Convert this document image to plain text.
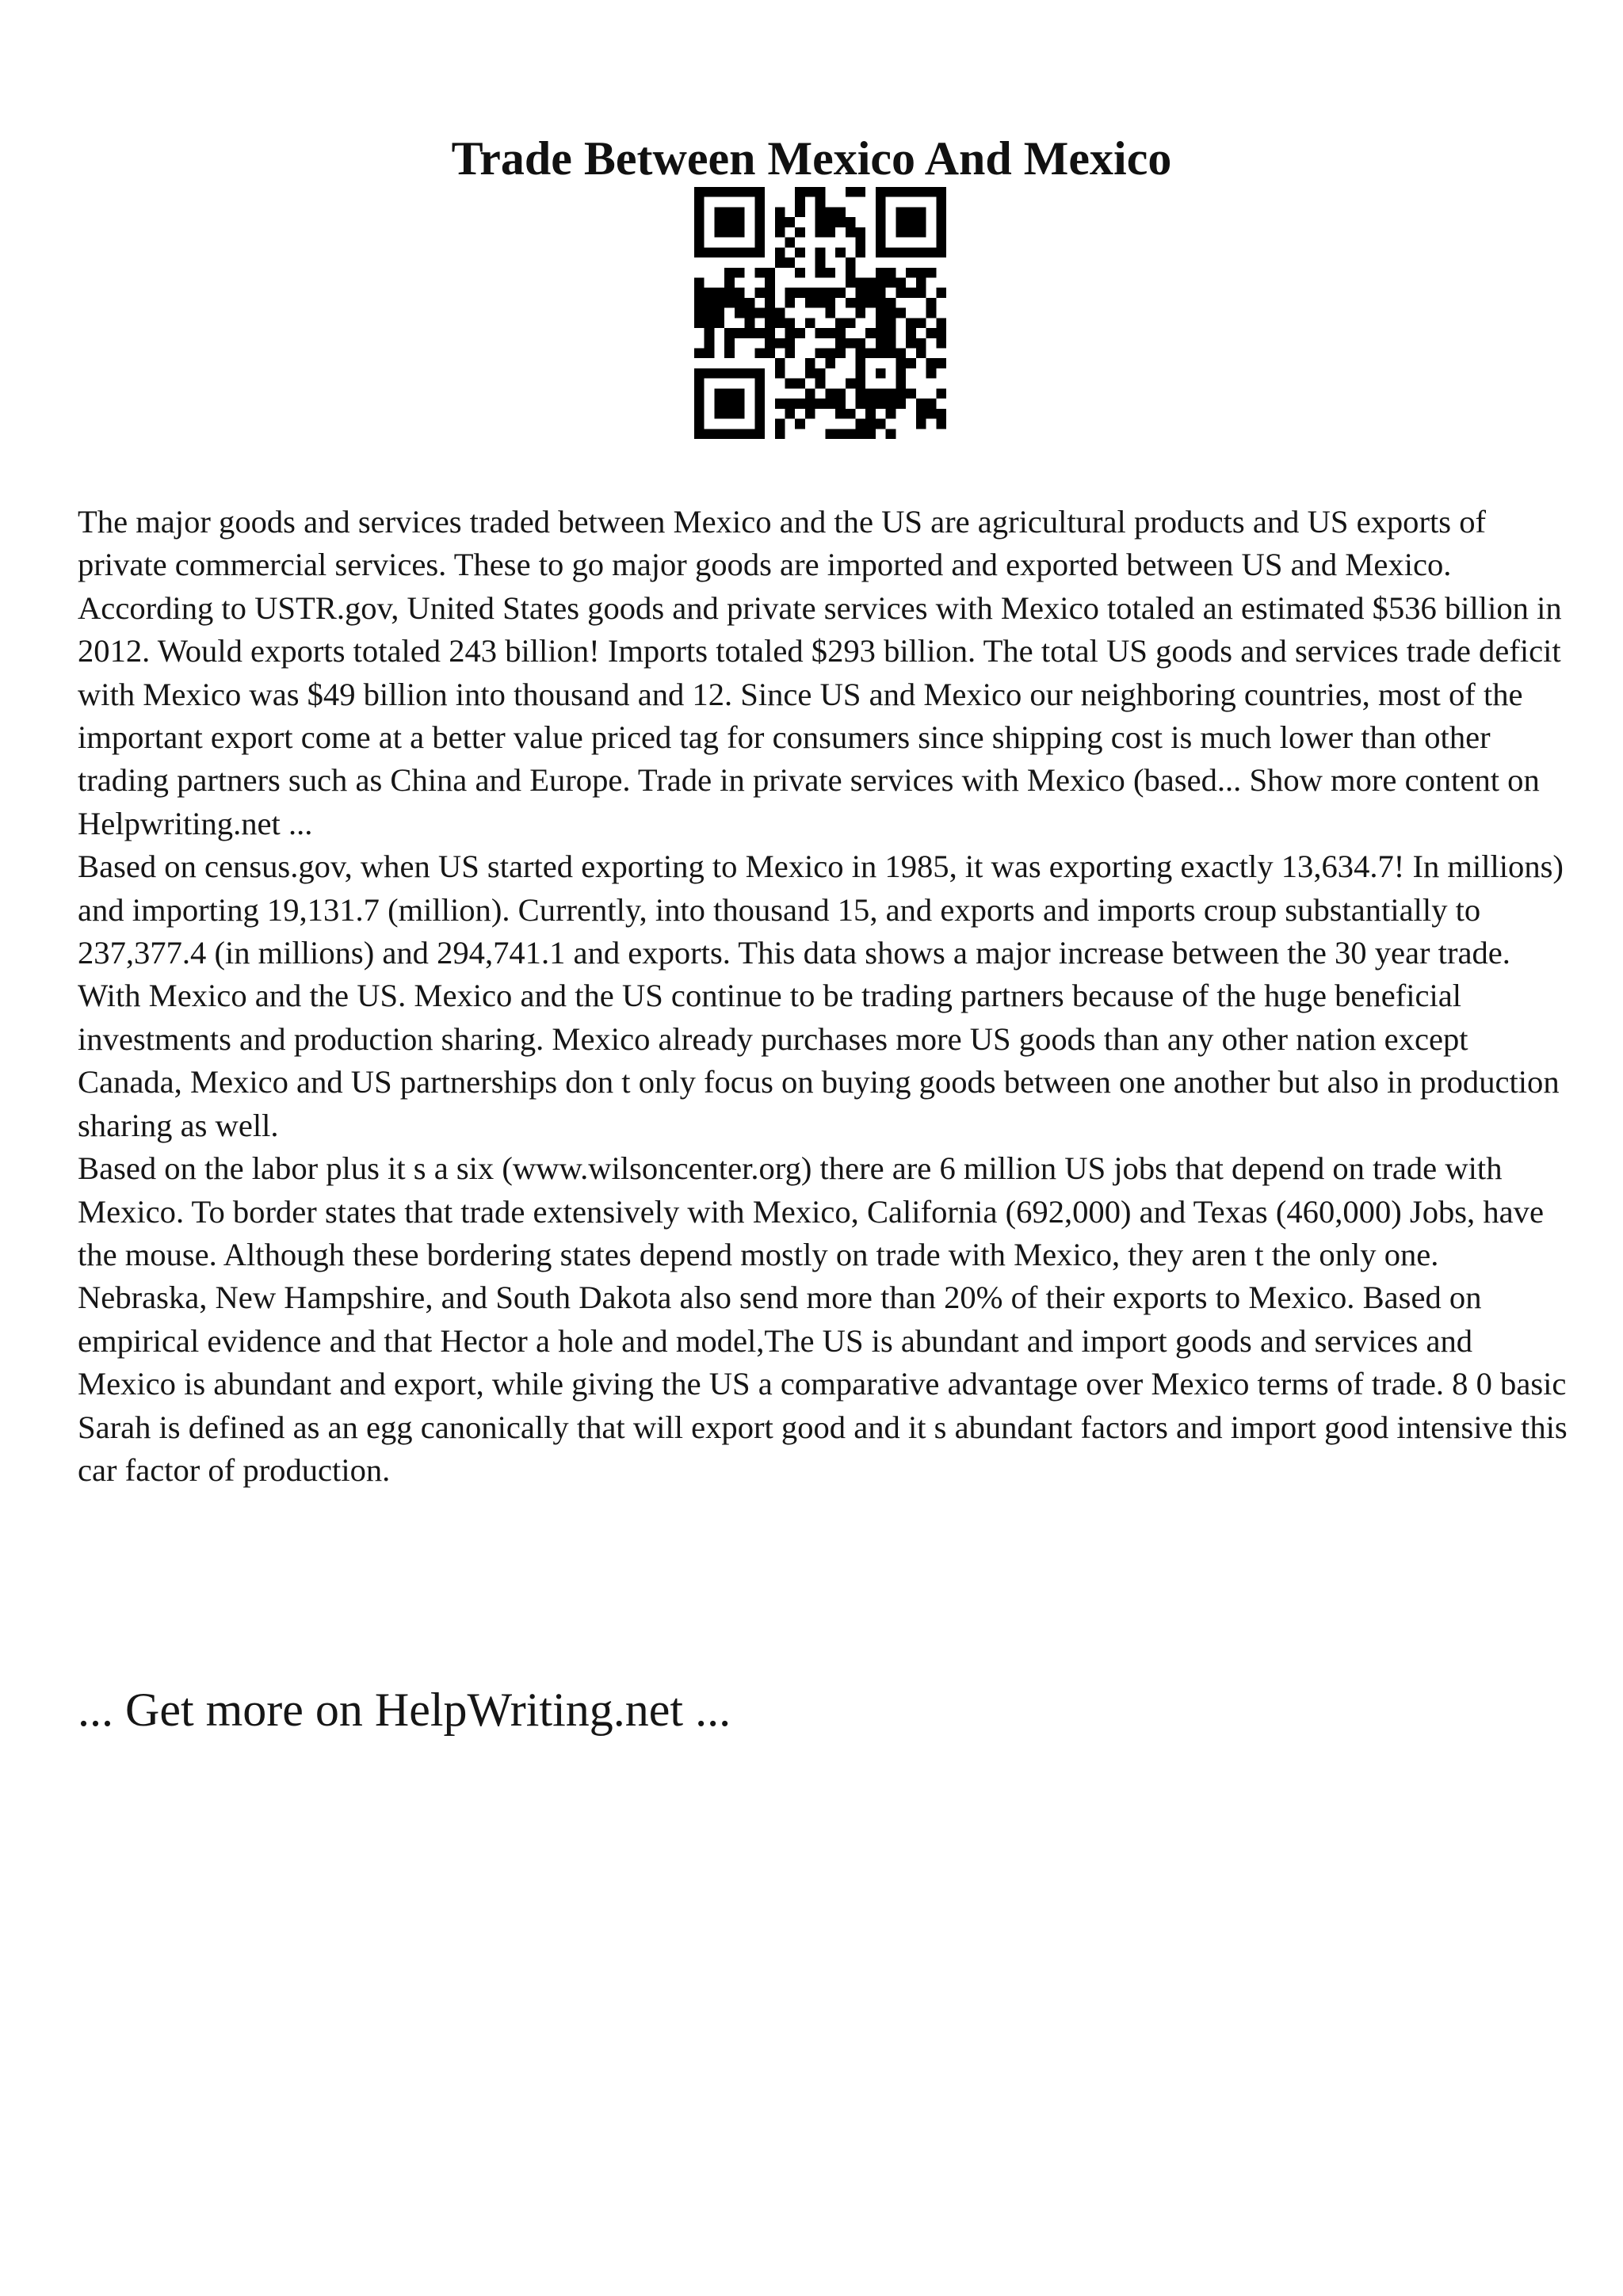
Trade Between Mexico And Mexico

The major goods and services traded between Mexico and the US are agricultural products and US exports of private commercial services. These to go major goods are imported and exported between US and Mexico. According to USTR.gov, United States goods and private services with Mexico totaled an estimated $536 billion in 2012. Would exports totaled 243 billion! Imports totaled $293 billion. The total US goods and services trade deficit with Mexico was $49 billion into thousand and 12. Since US and Mexico our neighboring countries, most of the important export come at a better value priced tag for consumers since shipping cost is much lower than other trading partners such as China and Europe. Trade in private services with Mexico (based... Show more content on Helpwriting.net ...

Based on census.gov, when US started exporting to Mexico in 1985, it was exporting exactly 13,634.7! In millions) and importing 19,131.7 (million). Currently, into thousand 15, and exports and imports croup substantially to 237,377.4 (in millions) and 294,741.1 and exports. This data shows a major increase between the 30 year trade. With Mexico and the US. Mexico and the US continue to be trading partners because of the huge beneficial investments and production sharing. Mexico already purchases more US goods than any other nation except Canada, Mexico and US partnerships don t only focus on buying goods between one another but also in production sharing as well.

Based on the labor plus it s a six (www.wilsoncenter.org) there are 6 million US jobs that depend on trade with Mexico. To border states that trade extensively with Mexico, California (692,000) and Texas (460,000) Jobs, have the mouse. Although these bordering states depend mostly on trade with Mexico, they aren t the only one. Nebraska, New Hampshire, and South Dakota also send more than 20% of their exports to Mexico. Based on empirical evidence and that Hector a hole and model,The US is abundant and import goods and services and Mexico is abundant and export, while giving the US a comparative advantage over Mexico terms of trade. 8 0 basic Sarah is defined as an egg canonically that will export good and it s abundant factors and import good intensive this car factor of production.

... Get more on HelpWriting.net ...
